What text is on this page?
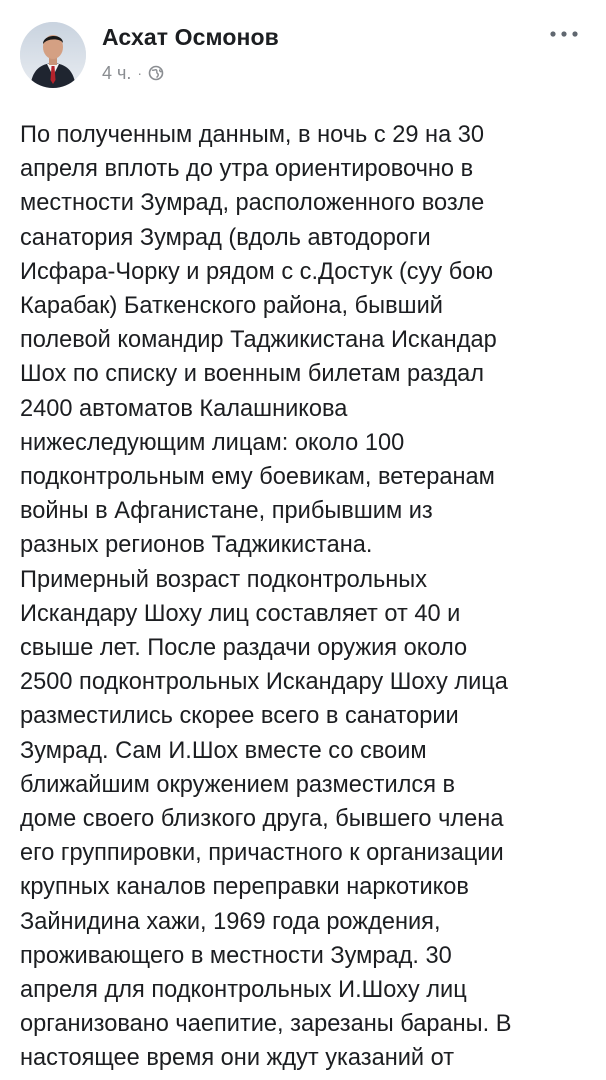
Асхат Осмонов
4 ч. ·
По полученным данным, в ночь с 29 на 30
апреля вплоть до утра ориентировочно в
местности Зумрад, расположенного возле
санатория Зумрад (вдоль автодороги
Исфара-Чорку и рядом с с.Достук (суу бою
Карабак) Баткенского района, бывший
полевой командир Таджикистана Искандар
Шох по списку и военным билетам раздал
2400 автоматов Калашникова
нижеследующим лицам: около 100
подконтрольным ему боевикам, ветеранам
войны в Афганистане, прибывшим из
разных регионов Таджикистана.
Примерный возраст подконтрольных
Искандару Шоху лиц составляет от 40 и
свыше лет. После раздачи оружия около
2500 подконтрольных Искандару Шоху лица
разместились скорее всего в санатории
Зумрад. Сам И.Шох вместе со своим
ближайшим окружением разместился в
доме своего близкого друга, бывшего члена
его группировки, причастного к организации
крупных каналов переправки наркотиков
Зайнидина хажи, 1969 года рождения,
проживающего в местности Зумрад. 30
апреля для подконтрольных И.Шоху лиц
организовано чаепитие, зарезаны бараны. В
настоящее время они ждут указаний от
